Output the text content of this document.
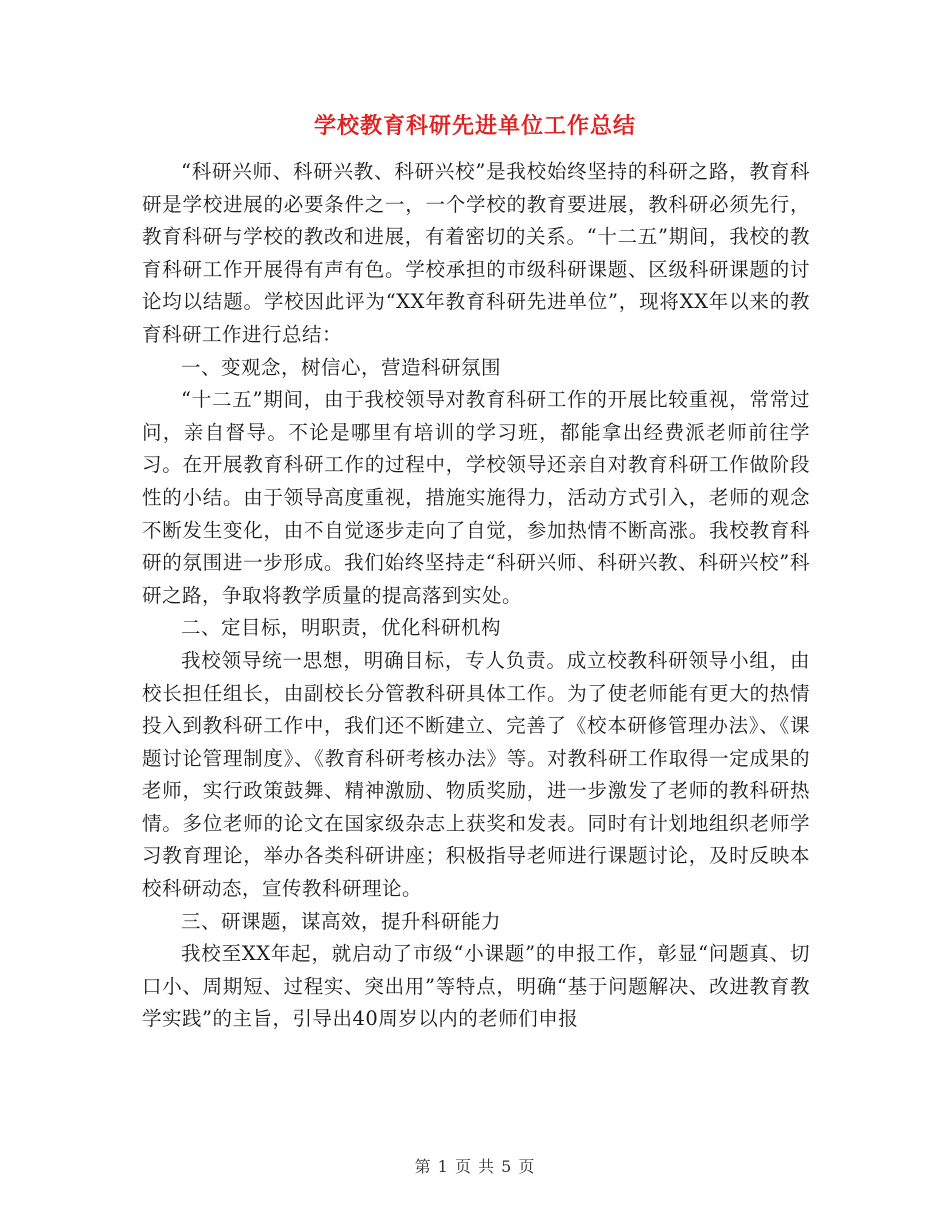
学校教育科研先进单位工作总结

“科研兴师、科研兴教、科研兴校”是我校始终坚持的科研之路，教育科研是学校进展的必要条件之一，一个学校的教育要进展，教科研必须先行，教育科研与学校的教改和进展，有着密切的关系。“十二五”期间，我校的教育科研工作开展得有声有色。学校承担的市级科研课题、区级科研课题的讨论均以结题。学校因此评为“XX年教育科研先进单位”，现将XX年以来的教育科研工作进行总结：

一、变观念，树信心，营造科研氛围

“十二五”期间，由于我校领导对教育科研工作的开展比较重视，常常过问，亲自督导。不论是哪里有培训的学习班，都能拿出经费派老师前往学习。在开展教育科研工作的过程中，学校领导还亲自对教育科研工作做阶段性的小结。由于领导高度重视，措施实施得力，活动方式引入，老师的观念不断发生变化，由不自觉逐步走向了自觉，参加热情不断高涨。我校教育科研的氛围进一步形成。我们始终坚持走“科研兴师、科研兴教、科研兴校”科研之路，争取将教学质量的提高落到实处。

二、定目标，明职责，优化科研机构

我校领导统一思想，明确目标，专人负责。成立校教科研领导小组，由校长担任组长，由副校长分管教科研具体工作。为了使老师能有更大的热情投入到教科研工作中，我们还不断建立、完善了《校本研修管理办法》、《课题讨论管理制度》、《教育科研考核办法》等。对教科研工作取得一定成果的老师，实行政策鼓舞、精神激励、物质奖励，进一步激发了老师的教科研热情。多位老师的论文在国家级杂志上获奖和发表。同时有计划地组织老师学习教育理论，举办各类科研讲座；积极指导老师进行课题讨论，及时反映本校科研动态，宣传教科研理论。

三、研课题，谋高效，提升科研能力

我校至XX年起，就启动了市级“小课题”的申报工作，彰显“问题真、切口小、周期短、过程实、突出用”等特点，明确“基于问题解决、改进教育教学实践”的主旨，引导出40周岁以内的老师们申报

第 1 页 共 5 页
